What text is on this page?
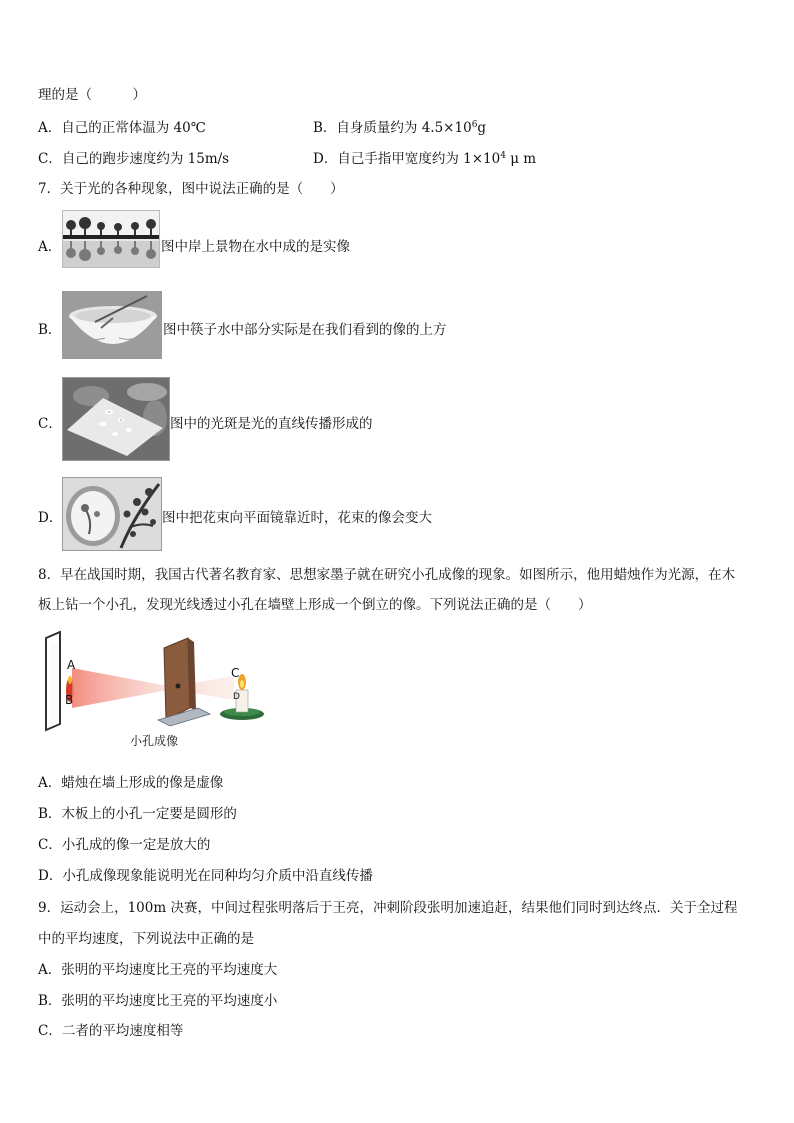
理的是（　　　）
A．自己的正常体温为 40℃	B．自身质量约为 $4.5\times 10^6g$
C．自己的跑步速度约为 15m/s	D．自己手指甲宽度约为 $1\times 10^4$ μ m
7．关于光的各种现象，图中说法正确的是（　　）
A．	图中岸上景物在水中成的是实像
B．	图中筷子水中部分实际是在我们看到的像的上方
C．	图中的光斑是光的直线传播形成的
D．	图中把花束向平面镜靠近时，花束的像会变大
8．早在战国时期，我国古代著名教育家、思想家墨子就在研究小孔成像的现象。如图所示，他用蜡烛作为光源，在木
板上钻一个小孔，发现光线透过小孔在墙壁上形成一个倒立的像。下列说法正确的是（　　）
A
B
C
D
小孔成像
A．蜡烛在墙上形成的像是虚像
B．木板上的小孔一定要是圆形的
C．小孔成的像一定是放大的
D．小孔成像现象能说明光在同种均匀介质中沿直线传播
9．运动会上，100m 决赛，中间过程张明落后于王亮，冲刺阶段张明加速追赶，结果他们同时到达终点．关于全过程
中的平均速度，下列说法中正确的是
A．张明的平均速度比王亮的平均速度大
B．张明的平均速度比王亮的平均速度小
C．二者的平均速度相等
